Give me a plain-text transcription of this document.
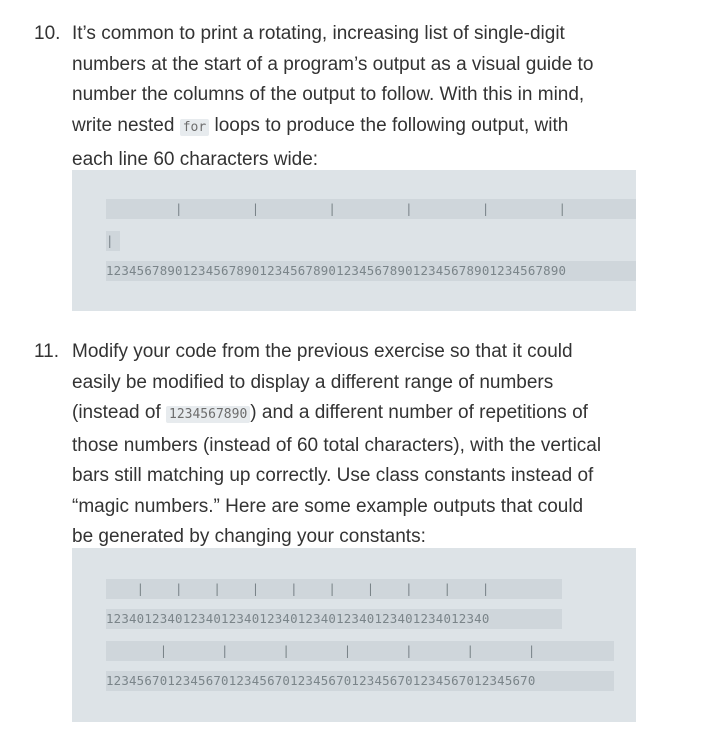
10. It’s common to print a rotating, increasing list of single-digit
numbers at the start of a program’s output as a visual guide to
number the columns of the output to follow. With this in mind,
write nested for loops to produce the following output, with
each line 60 characters wide:
|         |         |         |         |         |
|
123456789012345678901234567890123456789012345678901234567890
11. Modify your code from the previous exercise so that it could
easily be modified to display a different range of numbers
(instead of 1234567890 ) and a different number of repetitions of
those numbers (instead of 60 total characters), with the vertical
bars still matching up correctly. Use class constants instead of
“magic numbers.” Here are some example outputs that could
be generated by changing your constants:
|    |    |    |    |    |    |    |    |    |
12340123401234012340123401234012340123401234012340
|       |       |       |       |       |       |
12345670123456701234567012345670123456701234567012345670
